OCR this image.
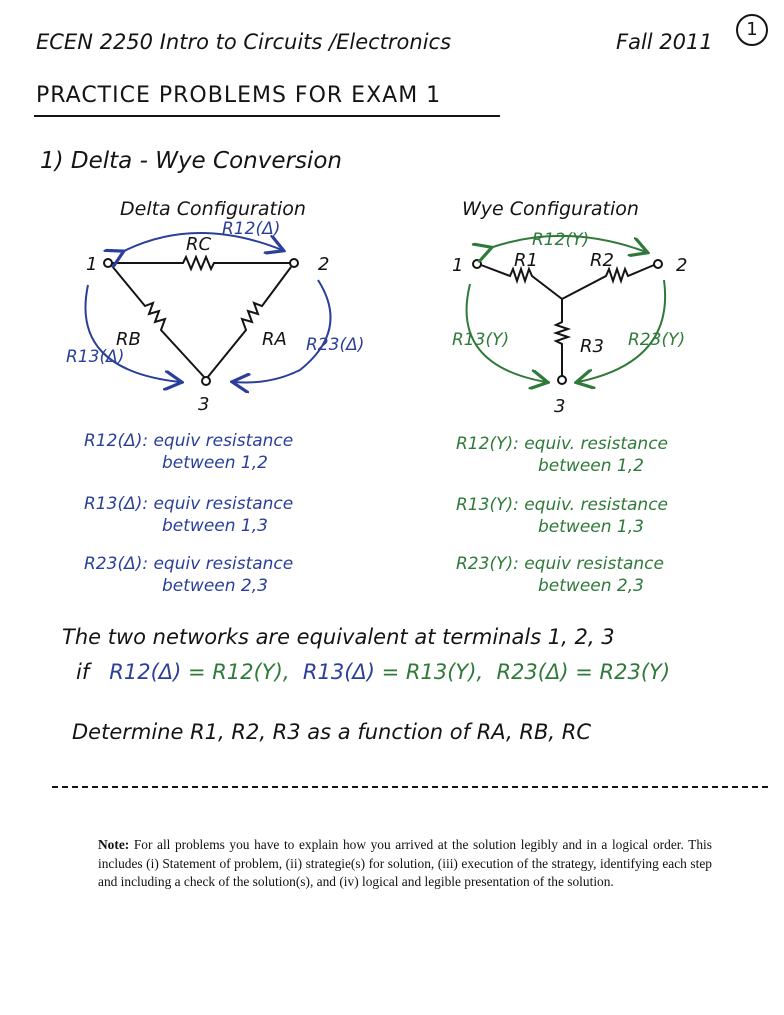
ECEN 2250 Intro to Circuits /Electronics	Fall 2011
1
PRACTICE PROBLEMS FOR EXAM 1
1) Delta - Wye Conversion
Delta Configuration	Wye Configuration
RC
RB	RA
1	2
3
R12(Δ)
R13(Δ)
R23(Δ)
R1	R2
R3
1	2
3
R12(Y)
R13(Y)	R23(Y)
R12(Δ): equiv resistance
between 1,2
R13(Δ): equiv resistance
between 1,3
R23(Δ): equiv resistance
between 2,3
R12(Y): equiv. resistance
between 1,2
R13(Y): equiv. resistance
between 1,3
R23(Y): equiv resistance
between 2,3
The two networks are equivalent at terminals 1, 2, 3
if R12(Δ) = R12(Y), R13(Δ) = R13(Y), R23(Δ) = R23(Y)
Determine R1, R2, R3 as a function of RA, RB, RC
Note: For all problems you have to explain how you arrived at the solution legibly and in a logical order. This includes (i) Statement of problem, (ii) strategie(s) for solution, (iii) execution of the strategy, identifying each step and including a check of the solution(s), and (iv) logical and legible presentation of the solution.
